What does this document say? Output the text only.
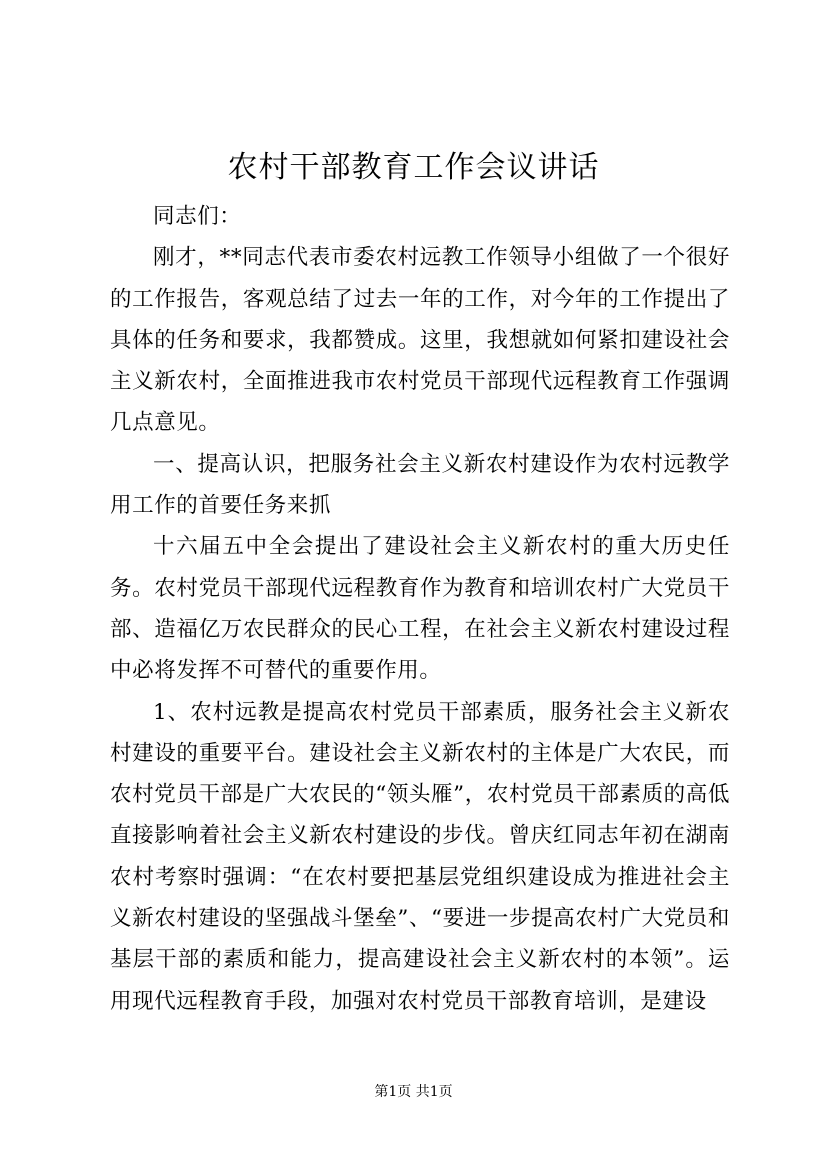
农村干部教育工作会议讲话

同志们：

刚才，**同志代表市委农村远教工作领导小组做了一个很好的工作报告，客观总结了过去一年的工作，对今年的工作提出了具体的任务和要求，我都赞成。这里，我想就如何紧扣建设社会主义新农村，全面推进我市农村党员干部现代远程教育工作强调几点意见。

一、提高认识，把服务社会主义新农村建设作为农村远教学用工作的首要任务来抓

十六届五中全会提出了建设社会主义新农村的重大历史任务。农村党员干部现代远程教育作为教育和培训农村广大党员干部、造福亿万农民群众的民心工程，在社会主义新农村建设过程中必将发挥不可替代的重要作用。

1、农村远教是提高农村党员干部素质，服务社会主义新农村建设的重要平台。建设社会主义新农村的主体是广大农民，而农村党员干部是广大农民的“领头雁”，农村党员干部素质的高低直接影响着社会主义新农村建设的步伐。曾庆红同志年初在湖南农村考察时强调：“在农村要把基层党组织建设成为推进社会主义新农村建设的坚强战斗堡垒”、“要进一步提高农村广大党员和基层干部的素质和能力，提高建设社会主义新农村的本领”。运用现代远程教育手段，加强对农村党员干部教育培训，是建设

第1页 共1页
